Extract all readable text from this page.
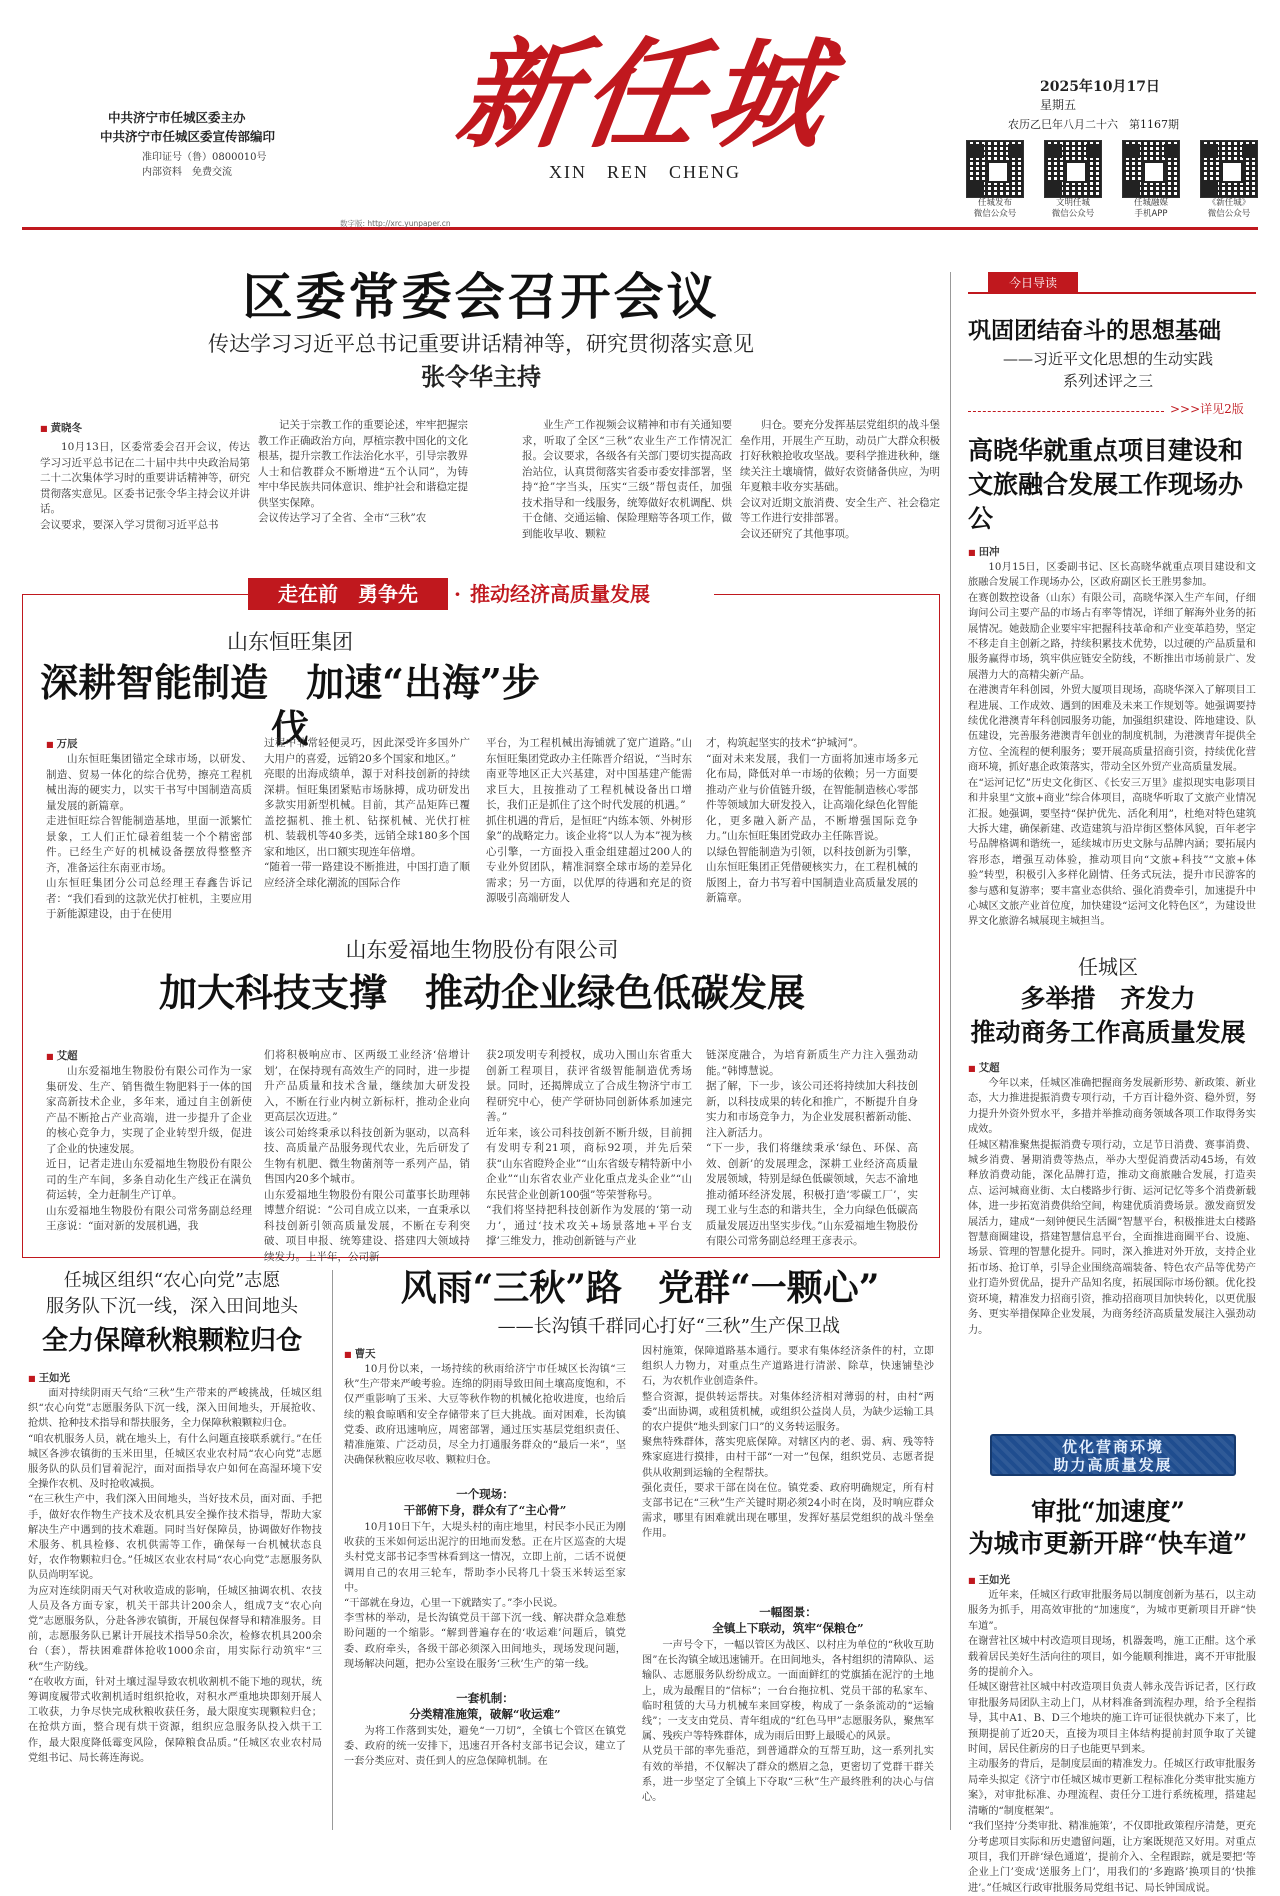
中共济宁市任城区委主办
中共济宁市任城区委宣传部编印
准印证号（鲁）0800010号
内部资料　免费交流
新任城
XIN　REN　CHENG
2025年10月17日
星期五
农历乙巳年八月二十六　第1167期
任城发布
微信公众号
文明任城
微信公众号
任城融媒
手机APP
《新任城》
微信公众号
数字版: http://xrc.yunpaper.cn
区委常委会召开会议
传达学习习近平总书记重要讲话精神等，研究贯彻落实意见
张令华主持
■ 黄晓冬
10月13日，区委常委会召开会议，传达学习习近平总书记在二十届中共中央政治局第二十二次集体学习时的重要讲话精神等，研究贯彻落实意见。区委书记张令华主持会议并讲话。
会议要求，要深入学习贯彻习近平总书
记关于宗教工作的重要论述，牢牢把握宗教工作正确政治方向，厚植宗教中国化的文化根基，提升宗教工作法治化水平，引导宗教界人士和信教群众不断增进“五个认同”，为铸牢中华民族共同体意识、维护社会和谐稳定提供坚实保障。
会议传达学习了全省、全市“三秋”农
业生产工作视频会议精神和市有关通知要求，听取了全区“三秋”农业生产工作情况汇报。会议要求，各级各有关部门要切实提高政治站位，认真贯彻落实省委市委安排部署，坚持“抢”字当头，压实“三级”帮包责任，加强技术指导和一线服务，统筹做好农机调配、烘干仓储、交通运输、保险理赔等各项工作，做到能收早收、颗粒
归仓。要充分发挥基层党组织的战斗堡垒作用，开展生产互助，动员广大群众积极打好秋粮抢收攻坚战。要科学推进秋种，继续关注土壤墒情，做好农资储备供应，为明年夏粮丰收夯实基础。
会议对近期文旅消费、安全生产、社会稳定等工作进行安排部署。
会议还研究了其他事项。
走在前　勇争先	· 推动经济高质量发展
山东恒旺集团
深耕智能制造　加速“出海”步伐
■ 万辰
山东恒旺集团锚定全球市场，以研发、制造、贸易一体化的综合优势，擦亮工程机械出海的硬实力，以实干书写中国制造高质量发展的新篇章。
走进恒旺综合智能制造基地，里面一派繁忙景象，工人们正忙碌着组装一个个精密部件。已经生产好的机械设备摆放得整整齐齐，准备运往东南亚市场。
山东恒旺集团分公司总经理王春鑫告诉记者：“我们看到的这款光伏打桩机，主要应用于新能源建设，由于在使用
过程中非常轻便灵巧，因此深受许多国外广大用户的喜爱，远销20多个国家和地区。”
亮眼的出海成绩单，源于对科技创新的持续深耕。恒旺集团紧贴市场脉搏，成功研发出多款实用新型机械。目前，其产品矩阵已覆盖挖掘机、推土机、钻探机械、光伏打桩机、装载机等40多类，远销全球180多个国家和地区，出口额实现连年倍增。
“随着一带一路建设不断推进，中国打造了顺应经济全球化潮流的国际合作
平台，为工程机械出海铺就了宽广道路。”山东恒旺集团党政办主任陈晋介绍说，“当时东南亚等地区正大兴基建，对中国基建产能需求巨大，且按推动了工程机械设备出口增长，我们正是抓住了这个时代发展的机遇。”
抓住机遇的背后，是恒旺“内练本领、外树形象”的战略定力。该企业将“以人为本”视为核心引擎，一方面投入重金组建超过200人的专业外贸团队，精准洞察全球市场的差异化需求；另一方面，以优厚的待遇和充足的资源吸引高端研发人
才，构筑起坚实的技术“护城河”。
“面对未来发展，我们一方面将加速市场多元化布局，降低对单一市场的依赖；另一方面要推动产业与价值链升级，在智能制造核心零部件等领域加大研发投入，让高端化绿色化智能化，更多融入新产品，不断增强国际竞争力。”山东恒旺集团党政办主任陈晋说。
以绿色智能制造为引领，以科技创新为引擎，山东恒旺集团正凭借硬核实力，在工程机械的版图上，奋力书写着中国制造业高质量发展的新篇章。
山东爱福地生物股份有限公司
加大科技支撑　推动企业绿色低碳发展
■ 艾超
山东爱福地生物股份有限公司作为一家集研发、生产、销售微生物肥料于一体的国家高新技术企业，多年来，通过自主创新使产品不断抢占产业高端，进一步提升了企业的核心竞争力，实现了企业转型升级，促进了企业的快速发展。
近日，记者走进山东爱福地生物股份有限公司的生产车间，多条自动化生产线正在满负荷运转，全力赶制生产订单。
山东爱福地生物股份有限公司常务副总经理王彦说：“面对新的发展机遇，我
们将积极响应市、区两级工业经济‘倍增计划’，在保持现有高效生产的同时，进一步提升产品质量和技术含量，继续加大研发投入，不断在行业内树立新标杆，推动企业向更高层次迈进。”
该公司始终秉承以科技创新为驱动，以高科技、高质量产品服务现代农业，先后研发了生物有机肥、微生物菌剂等一系列产品，销售国内20多个城市。
山东爱福地生物股份有限公司董事长助理韩博慧介绍说：“公司自成立以来，一直秉承以科技创新引领高质量发展，不断在专利突破、项目申报、统筹建设、搭建四大领域持续发力。上半年，公司新
获2项发明专利授权，成功入围山东省重大创新工程项目，获评省级智能制造优秀场景。同时，还揭牌成立了合成生物济宁市工程研究中心，使产学研协同创新体系加速完善。”
近年来，该公司科技创新不断升级，目前拥有发明专利21项，商标92项，并先后荣获“山东省瞪羚企业”“山东省级专精特新中小企业”“山东省农业产业化重点龙头企业”“山东民营企业创新100强”等荣誉称号。
“我们将坚持把科技创新作为发展的‘第一动力’，通过‘技术攻关+场景落地+平台支撑’三维发力，推动创新链与产业
链深度融合，为培育新质生产力注入强劲动能。”韩博慧说。
据了解，下一步，该公司还将持续加大科技创新，以科技成果的转化和推广，不断提升自身实力和市场竞争力，为企业发展积蓄新动能、注入新活力。
“下一步，我们将继续秉承‘绿色、环保、高效、创新’的发展理念，深耕工业经济高质量发展领域，特别是绿色低碳领域，矢志不渝地推动循环经济发展，积极打造‘零碳工厂’，实现工业与生态的和谐共生，全力向绿色低碳高质量发展迈出坚实步伐。”山东爱福地生物股份有限公司常务副总经理王彦表示。
今日导读
巩固团结奋斗的思想基础
——习近平文化思想的生动实践
系列述评之三
>>>详见2版
高晓华就重点项目建设和
文旅融合发展工作现场办公
■ 田冲
10月15日，区委副书记、区长高晓华就重点项目建设和文旅融合发展工作现场办公，区政府副区长王胜男参加。
在赛创数控设备（山东）有限公司，高晓华深入生产车间，仔细询问公司主要产品的市场占有率等情况，详细了解海外业务的拓展情况。她鼓励企业要牢牢把握科技革命和产业变革趋势，坚定不移走自主创新之路，持续积累技术优势，以过硬的产品质量和服务赢得市场，筑牢供应链安全防线，不断推出市场前景广、发展潜力大的高精尖新产品。
在港澳青年科创园，外贸大厦项目现场，高晓华深入了解项目工程进展、工作成效、遇到的困难及未来工作规划等。她强调要持续优化港澳青年科创园服务功能，加强组织建设、阵地建设、队伍建设，完善服务港澳青年创业的制度机制，为港澳青年提供全方位、全流程的便利服务；要开展高质量招商引资，持续优化营商环境，抓好惠企政策落实，带动全区外贸产业高质量发展。
在“运河记忆”历史文化街区、《长安三万里》虚拟现实电影项目和井泉里“文旅+商业”综合体项目，高晓华听取了文旅产业情况汇报。她强调，要坚持“保护优先、活化利用”，杜绝对特色建筑大拆大建，确保新建、改造建筑与沿岸街区整体风貌，百年老字号品牌格调和谐统一，延续城市历史文脉与品牌内涵；要拓展内容形态，增强互动体验，推动项目向“文旅+科技”“文旅+体验”转型，积极引入多样化剧情、任务式玩法，提升市民游客的参与感和复游率；要丰富业态供给、强化消费牵引，加速提升中心城区文旅产业首位度，加快建设“运河文化特色区”，为建设世界文化旅游名城展现主城担当。
任城区
多举措　齐发力
推动商务工作高质量发展
■ 艾超
今年以来，任城区准确把握商务发展新形势、新政策、新业态，大力推进提振消费专项行动，千方百计稳外资、稳外贸，努力提升外资外贸水平，多措并举推动商务领域各项工作取得务实成效。
任城区精准聚焦提振消费专项行动，立足节日消费、赛事消费、城乡消费、暑期消费等热点，举办大型促消费活动45场，有效释放消费动能，深化品牌打造，推动文商旅融合发展，打造卖点、运河城商业街、太白楼路步行街、运河记忆等多个消费新载体，进一步拓宽消费供给空间，构建优质消费场景。激发商贸发展活力，建成“一刻钟便民生活圈”智慧平台，积极推进太白楼路智慧商圈建设，搭建智慧信息平台，全面推进商圈平台、设施、场景、管理的智慧化提升。同时，深入推进对外开放，支持企业拓市场、抢订单，引导企业围绕高端装备、特色农产品等优势产业打造外贸优品，提升产品知名度，拓展国际市场份额。优化投资环境，精准发力招商引资，推动招商项目加快转化，以更优服务、更实举措保障企业发展，为商务经济高质量发展注入强劲动力。
优化营商环境
助力高质量发展
审批“加速度”
为城市更新开辟“快车道”
■ 王如光
近年来，任城区行政审批服务局以制度创新为基石，以主动服务为抓手，用高效审批的“加速度”，为城市更新项目开辟“快车道”。
在谢营社区城中村改造项目现场，机器轰鸣，施工正酣。这个承载着居民美好生活向往的项目，如今能顺利推进，离不开审批服务的提前介入。
任城区谢营社区城中村改造项目负责人韩永茂告诉记者，区行政审批服务局团队主动上门，从材料准备到流程办理，给予全程指导，其中A1、B、D三个地块的施工许可证很快就办下来了，比预期提前了近20天，直接为项目主体结构提前封顶争取了关键时间，居民住新房的日子也能更早到来。
主动服务的背后，是制度层面的精准发力。任城区行政审批服务局牵头拟定《济宁市任城区城市更新工程标准化分类审批实施方案》，对审批标准、办理流程、责任分工进行系统梳理，搭建起清晰的“制度框架”。
“我们坚持‘分类审批、精准施策’，不仅即批政策程序清楚，更充分考虑项目实际和历史遗留问题，让方案既规范又好用。对重点项目，我们开辟‘绿色通道’，提前介入、全程跟踪，就是要把‘等企业上门’变成‘送服务上门’，用我们的‘多跑路’换项目的‘快推进’。”任城区行政审批服务局党组书记、局长钟国成说。
任城区组织“农心向党”志愿
服务队下沉一线，深入田间地头
全力保障秋粮颗粒归仓
■ 王如光
面对持续阴雨天气给“三秋”生产带来的严峻挑战，任城区组织“农心向党”志愿服务队下沉一线，深入田间地头，开展抢收、抢烘、抢种技术指导和帮扶服务，全力保障秋粮颗粒归仓。
“咱农机服务人员，就在地头上，有什么问题直接联系就行。”在任城区各涉农镇街的玉米田里，任城区农业农村局“农心向党”志愿服务队的队员们冒着泥泞，面对面指导农户如何在高湿环境下安全操作农机、及时抢收减损。
“在三秋生产中，我们深入田间地头，当好技术员，面对面、手把手，做好农作物生产技术及农机具安全操作技术指导，帮助大家解决生产中遇到的技术难题。同时当好保障员，协调做好作物技术服务、机具检修、农机供需等工作，确保每一台机械状态良好，农作物颗粒归仓。”任城区农业农村局“农心向党”志愿服务队队员尚明军说。
为应对连续阴雨天气对秋收造成的影响，任城区抽调农机、农技人员及各方面专家，机关干部共计200余人，组成7支“农心向党”志愿服务队，分赴各涉农镇街，开展包保督导和精准服务。目前，志愿服务队已累计开展技术指导50余次，检修农机具200余台（套），帮扶困难群体抢收1000余亩，用实际行动筑牢“三秋”生产防线。
“在收收方面，针对土壤过湿导致农机收割机不能下地的现状，统筹调度履带式收割机适时组织抢收，对积水严重地块即刻开展人工收获，力争尽快完成秋粮收获任务，最大限度实现颗粒归仓；在抢烘方面，整合现有烘干资源，组织应急服务队投入烘干工作，最大限度降低霉变风险，保障粮食品质。”任城区农业农村局党组书记、局长蒋连海说。
风雨“三秋”路　党群“一颗心”
——长沟镇千群同心打好“三秋”生产保卫战
■ 曹天
10月份以来，一场持续的秋雨给济宁市任城区长沟镇“三秋”生产带来严峻考验。连绵的阴雨导致田间土壤高度饱和，不仅严重影响了玉米、大豆等秋作物的机械化抢收进度，也给后续的粮食晾晒和安全存储带来了巨大挑战。面对困难，长沟镇党委、政府迅速响应，周密部署，通过压实基层党组织责任、精准施策、广泛动员，尽全力打通服务群众的“最后一米”，坚决确保秋粮应收尽收、颗粒归仓。
一个现场：
干部俯下身，群众有了“主心骨”
10月10日下午，大堤头村的南庄地里，村民李小民正为刚收获的玉米如何运出泥泞的田地而发愁。正在片区巡查的大堤头村党支部书记李雪林看到这一情况，立即上前，二话不说便调用自己的农用三轮车，帮助李小民将几十袋玉米转运至家中。
“干部就在身边，心里一下就踏实了。”李小民说。
李雪林的举动，是长沟镇党员干部下沉一线、解决群众急难愁盼问题的一个缩影。“解到普遍存在的‘收运难’问题后，镇党委、政府牵头，各级干部必须深入田间地头，现场发现问题，现场解决问题，把办公室设在服务‘三秋’生产的第一线。
一套机制：
分类精准施策，破解“收运难”
为将工作落到实处，避免“一刀切”，全镇七个管区在镇党委、政府的统一安排下，迅速召开各村支部书记会议，建立了一套分类应对、责任到人的应急保障机制。在
因村施策，保障道路基本通行。要求有集体经济条件的村，立即组织人力物力，对重点生产道路进行清淤、除草，快速铺垫沙石，为农机作业创造条件。
整合资源，提供转运帮扶。对集体经济相对薄弱的村，由村“两委”出面协调，或租赁机械，或组织公益岗人员，为缺少运输工具的农户提供“地头到家门口”的义务转运服务。
聚焦特殊群体，落实兜底保障。对辖区内的老、弱、病、残等特殊家庭进行摸排，由村干部“一对一”包保，组织党员、志愿者提供从收割到运输的全程帮扶。
强化责任，要求干部在岗在位。镇党委、政府明确规定，所有村支部书记在“三秋”生产关键时期必须24小时在岗，及时响应群众需求，哪里有困难就出现在哪里，发挥好基层党组织的战斗堡垒作用。
一幅图景：
全镇上下联动，筑牢“保粮仓”
一声号令下，一幅以管区为战区、以村庄为单位的“秋收互助图”在长沟镇全域迅速铺开。在田间地头，各村组织的清障队、运输队、志愿服务队纷纷成立。一面面鲜红的党旗插在泥泞的土地上，成为最醒目的“信标”；一台台拖拉机、党员干部的私家车、临时租赁的大马力机械车来回穿梭，构成了一条条流动的“运输线”；一支支由党员、青年组成的“红色马甲”志愿服务队，聚焦军属、残疾户等特殊群体，成为雨后田野上最暖心的风景。
从党员干部的率先垂范，到普通群众的互帮互助，这一系列扎实有效的举措，不仅解决了群众的燃眉之急，更密切了党群干群关系，进一步坚定了全镇上下夺取“三秋”生产最终胜利的决心与信心。
